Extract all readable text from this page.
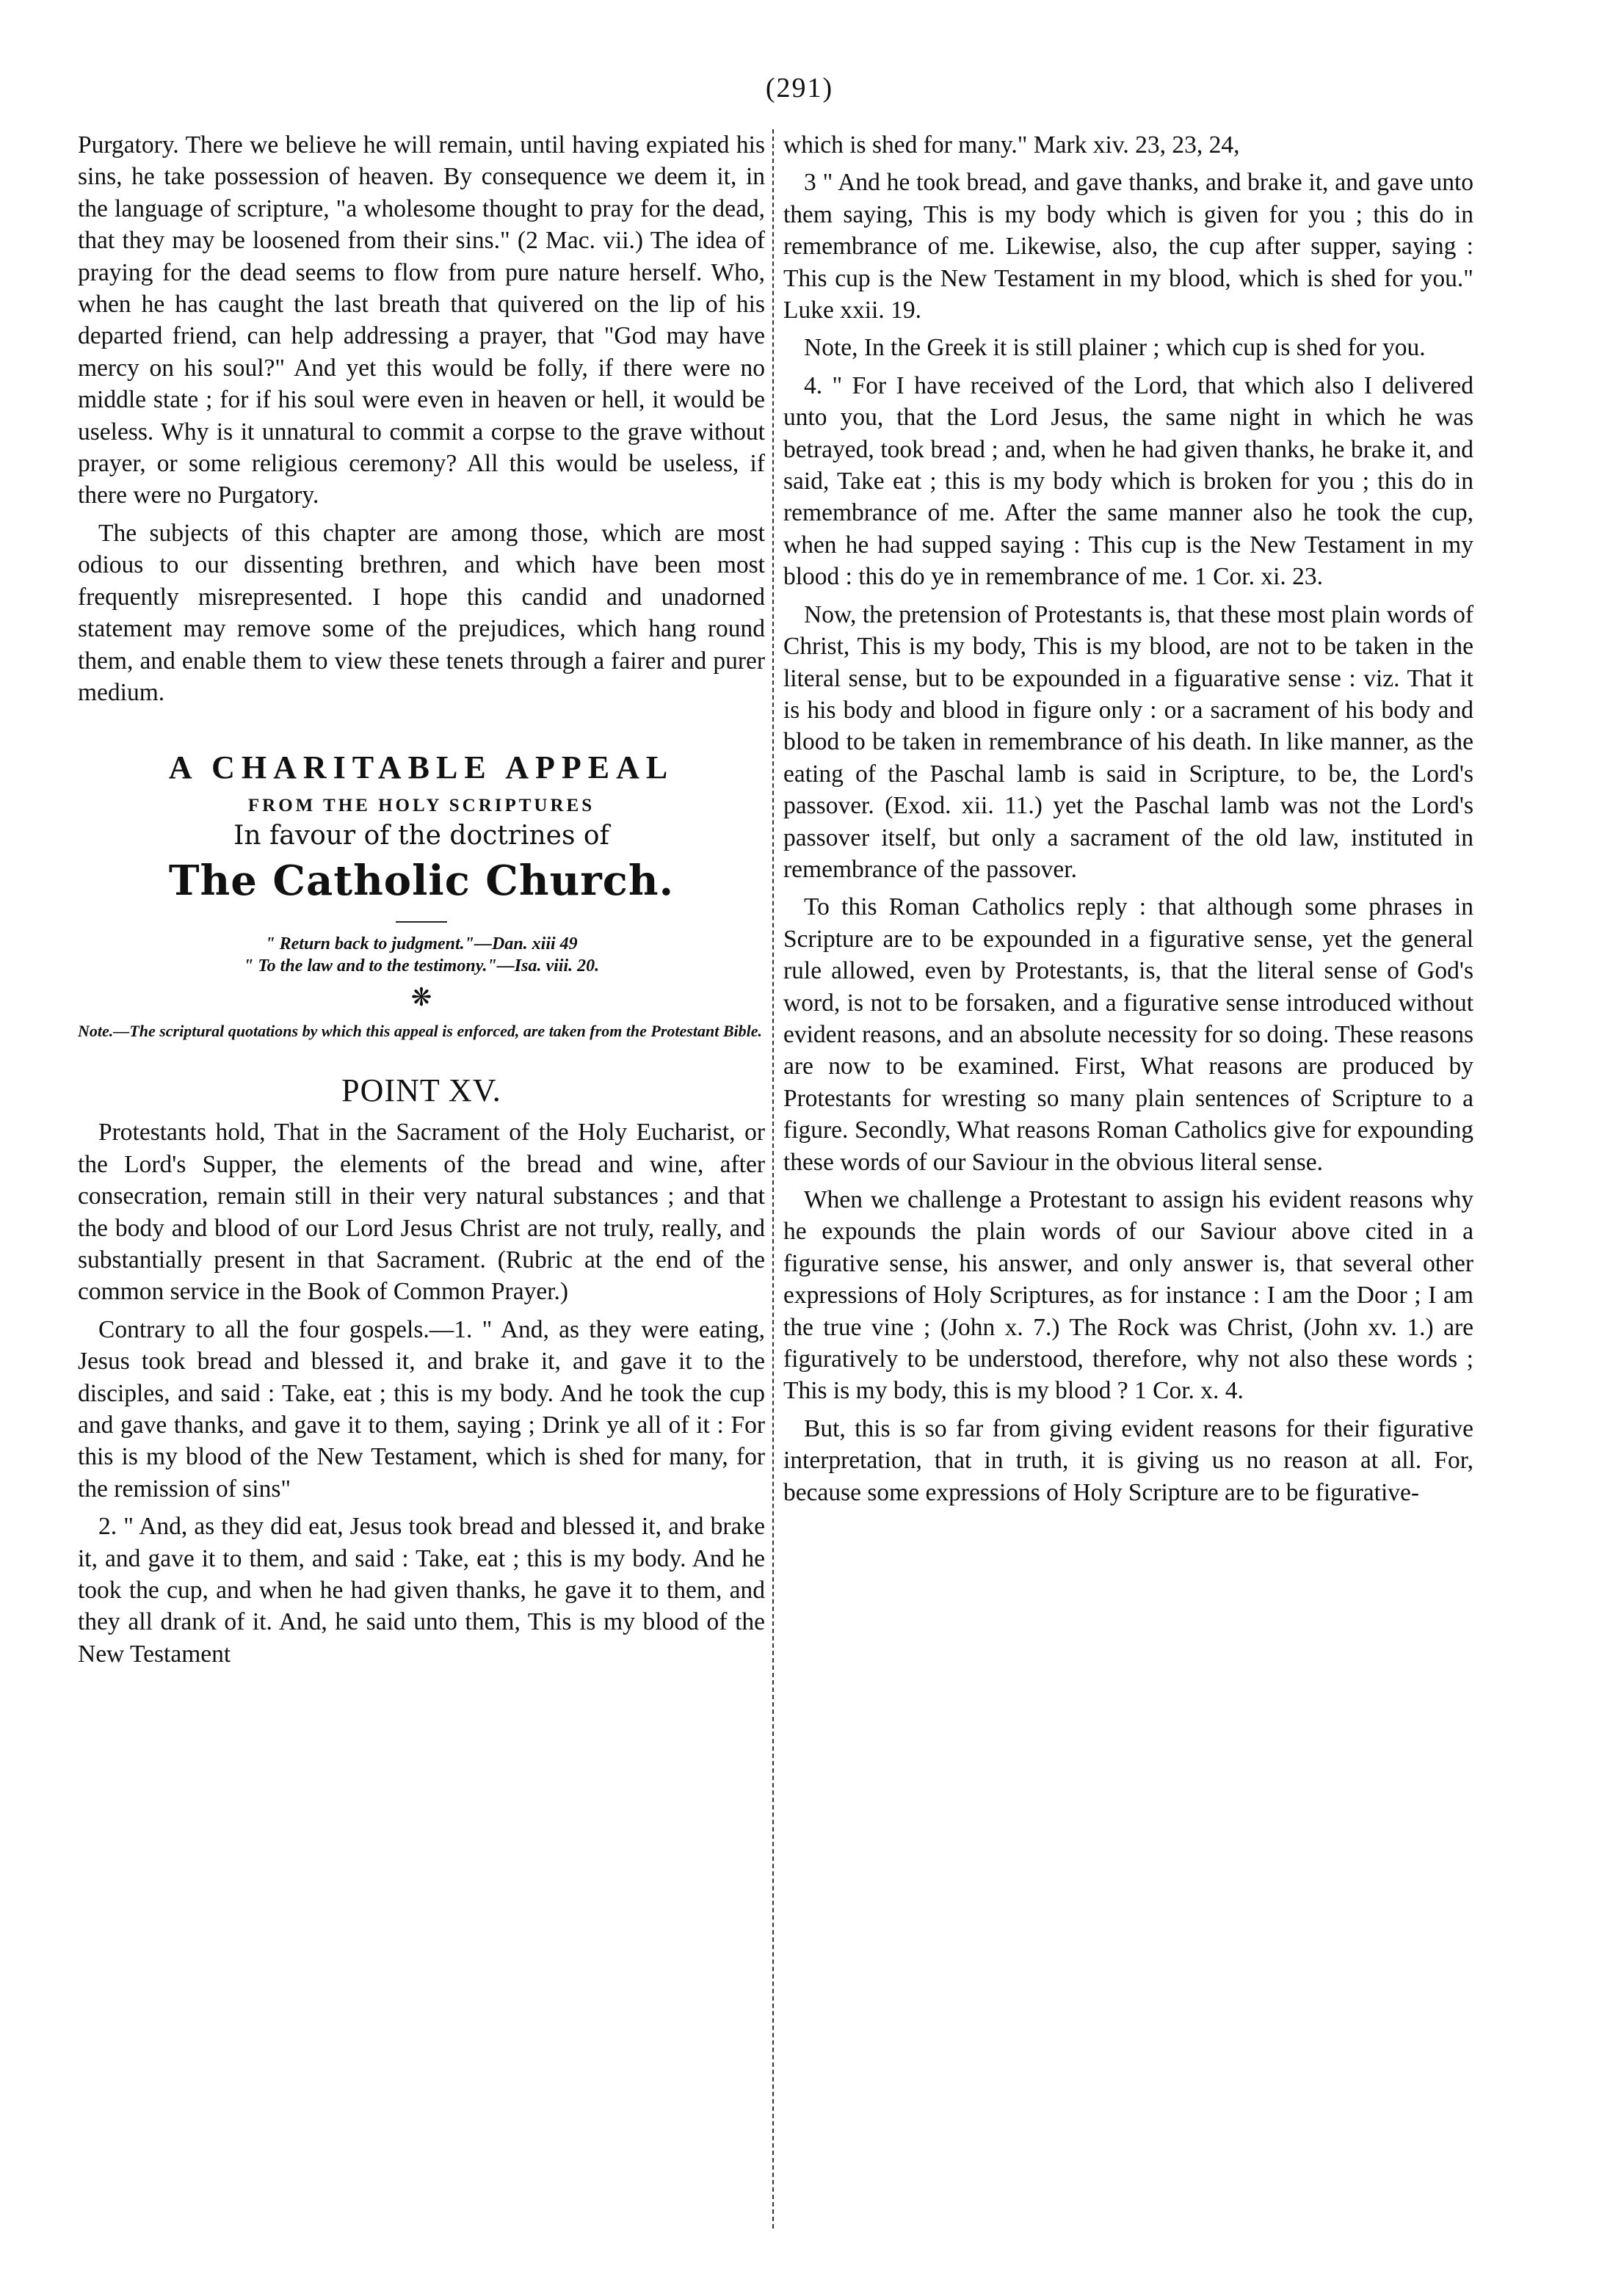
(291)

Purgatory. There we believe he will remain, until having expiated his sins, he take possession of heaven. By consequence we deem it, in the language of scripture, "a wholesome thought to pray for the dead, that they may be loosened from their sins." (2 Mac. vii.) The idea of praying for the dead seems to flow from pure nature herself. Who, when he has caught the last breath that quivered on the lip of his departed friend, can help addressing a prayer, that "God may have mercy on his soul?" And yet this would be folly, if there were no middle state ; for if his soul were even in heaven or hell, it would be useless. Why is it unnatural to commit a corpse to the grave without prayer, or some religious ceremony? All this would be useless, if there were no Purgatory.

The subjects of this chapter are among those, which are most odious to our dissenting brethren, and which have been most frequently misrepresented. I hope this candid and unadorned statement may remove some of the prejudices, which hang round them, and enable them to view these tenets through a fairer and purer medium.

A CHARITABLE APPEAL

FROM THE HOLY SCRIPTURES

In favour of the doctrines of

The Catholic Church.

" Return back to judgment."—Dan. xiii 49

" To the law and to the testimony."—Isa. viii. 20.

❋

Note.—The scriptural quotations by which this appeal is enforced, are taken from the Protestant Bible.

POINT XV.

Protestants hold, That in the Sacrament of the Holy Eucharist, or the Lord's Supper, the elements of the bread and wine, after consecration, remain still in their very natural substances ; and that the body and blood of our Lord Jesus Christ are not truly, really, and substantially present in that Sacrament. (Rubric at the end of the common service in the Book of Common Prayer.)

Contrary to all the four gospels.—1. " And, as they were eating, Jesus took bread and blessed it, and brake it, and gave it to the disciples, and said : Take, eat ; this is my body. And he took the cup and gave thanks, and gave it to them, saying ; Drink ye all of it : For this is my blood of the New Testament, which is shed for many, for the remission of sins"

2. " And, as they did eat, Jesus took bread and blessed it, and brake it, and gave it to them, and said : Take, eat ; this is my body. And he took the cup, and when he had given thanks, he gave it to them, and they all drank of it. And, he said unto them, This is my blood of the New Testament

which is shed for many." Mark xiv. 23, 23, 24,

3 " And he took bread, and gave thanks, and brake it, and gave unto them saying, This is my body which is given for you ; this do in remembrance of me. Likewise, also, the cup after supper, saying : This cup is the New Testament in my blood, which is shed for you." Luke xxii. 19.

Note, In the Greek it is still plainer ; which cup is shed for you.

4. " For I have received of the Lord, that which also I delivered unto you, that the Lord Jesus, the same night in which he was betrayed, took bread ; and, when he had given thanks, he brake it, and said, Take eat ; this is my body which is broken for you ; this do in remembrance of me. After the same manner also he took the cup, when he had supped saying : This cup is the New Testament in my blood : this do ye in remembrance of me. 1 Cor. xi. 23.

Now, the pretension of Protestants is, that these most plain words of Christ, This is my body, This is my blood, are not to be taken in the literal sense, but to be expounded in a figuarative sense : viz. That it is his body and blood in figure only : or a sacrament of his body and blood to be taken in remembrance of his death. In like manner, as the eating of the Paschal lamb is said in Scripture, to be, the Lord's passover. (Exod. xii. 11.) yet the Paschal lamb was not the Lord's passover itself, but only a sacrament of the old law, instituted in remembrance of the passover.

To this Roman Catholics reply : that although some phrases in Scripture are to be expounded in a figurative sense, yet the general rule allowed, even by Protestants, is, that the literal sense of God's word, is not to be forsaken, and a figurative sense introduced without evident reasons, and an absolute necessity for so doing. These reasons are now to be examined. First, What reasons are produced by Protestants for wresting so many plain sentences of Scripture to a figure. Secondly, What reasons Roman Catholics give for expounding these words of our Saviour in the obvious literal sense.

When we challenge a Protestant to assign his evident reasons why he expounds the plain words of our Saviour above cited in a figurative sense, his answer, and only answer is, that several other expressions of Holy Scriptures, as for instance : I am the Door ; I am the true vine ; (John x. 7.) The Rock was Christ, (John xv. 1.) are figuratively to be understood, therefore, why not also these words ; This is my body, this is my blood ? 1 Cor. x. 4.

But, this is so far from giving evident reasons for their figurative interpretation, that in truth, it is giving us no reason at all. For, because some expressions of Holy Scripture are to be figurative-
